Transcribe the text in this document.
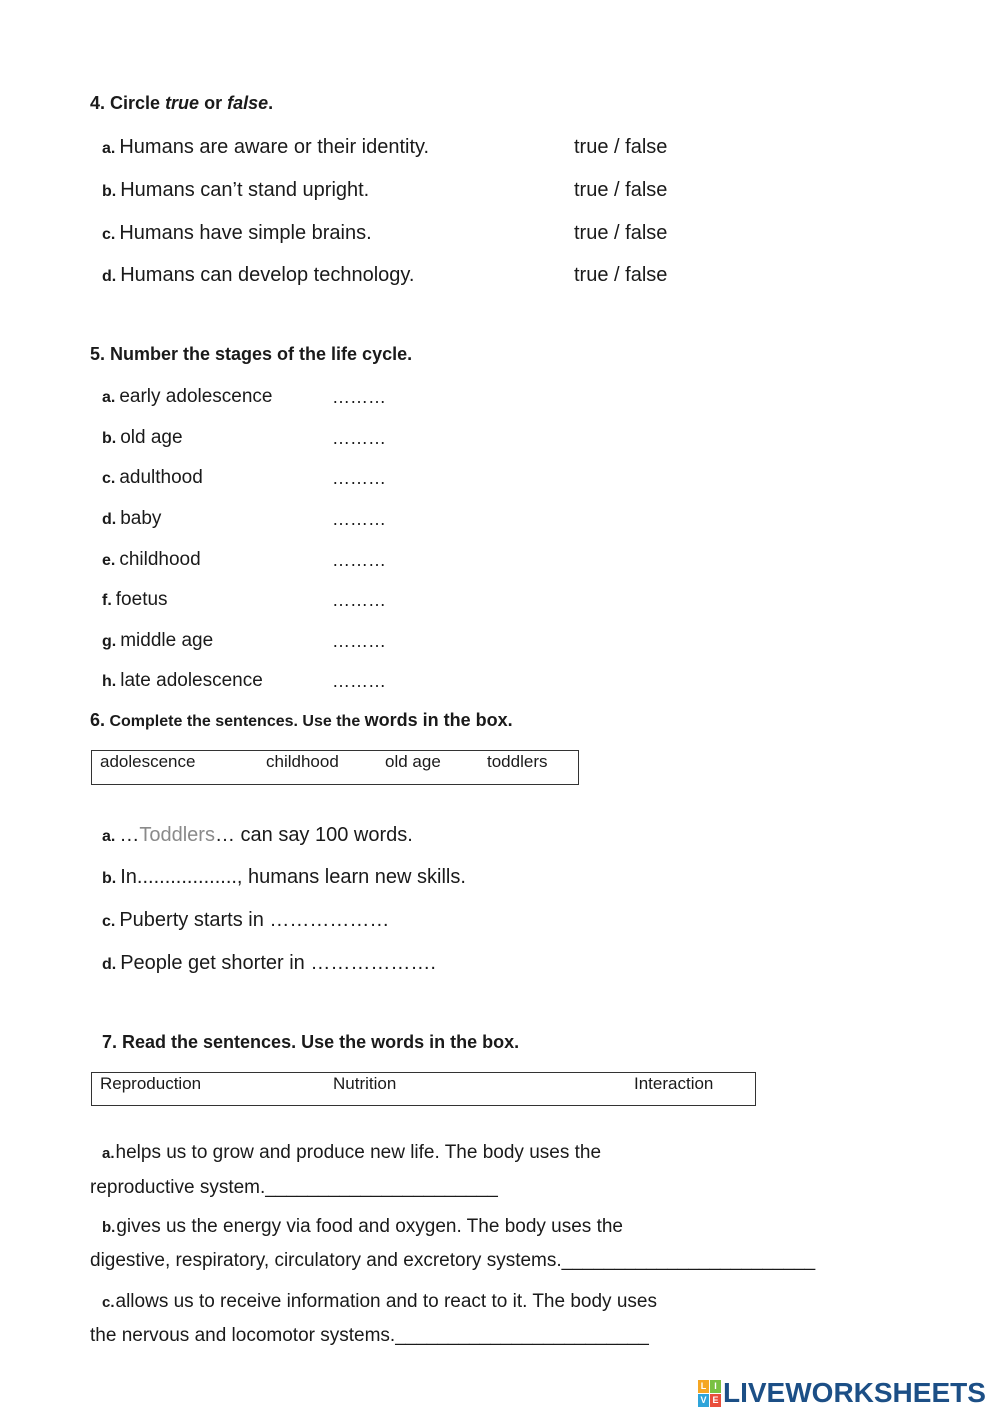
4. Circle true or false.
a. Humans are aware or their identity.	true / false
b. Humans can’t stand upright.	true / false
c. Humans have simple brains.	true / false
d. Humans can develop technology.	true / false
5. Number the stages of the life cycle.
a. early adolescence	………
b. old age	………
c. adulthood	………
d. baby	………
e. childhood	………
f. foetus	………
g. middle age	………
h. late adolescence	………
6. Complete the sentences. Use the words in the box.
adolescence	childhood	old age	toddlers
a. …Toddlers… can say 100 words.
b. In.................., humans learn new skills.
c. Puberty starts in ………………
d. People get shorter in ……………….
7. Read the sentences. Use the words in the box.
Reproduction	Nutrition	Interaction
a.helps us to grow and produce new life. The body uses the
reproductive system.______________________
b.gives us the energy via food and oxygen. The body uses the
digestive, respiratory, circulatory and excretory systems.________________________
c.allows us to receive information and to react to it. The body uses
the nervous and locomotor systems.________________________
L I
V E LIVEWORKSHEETS
